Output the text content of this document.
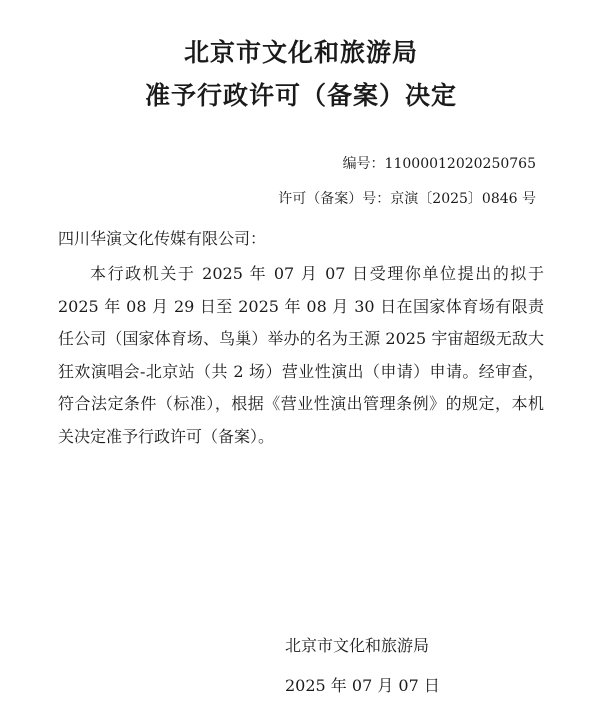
北京市文化和旅游局
准予行政许可（备案）决定
编号：11000012020250765
许可（备案）号：京演〔2025〕0846 号
四川华演文化传媒有限公司：

本行政机关于 2025 年 07 月 07 日受理你单位提出的拟于 2025 年 08 月 29 日至 2025 年 08 月 30 日在国家体育场有限责任公司（国家体育场、鸟巢）举办的名为王源 2025 宇宙超级无敌大狂欢演唱会-北京站（共 2 场）营业性演出（申请）申请。经审查，符合法定条件（标准），根据《营业性演出管理条例》的规定，本机关决定准予行政许可（备案）。

北京市文化和旅游局
2025 年 07 月 07 日
